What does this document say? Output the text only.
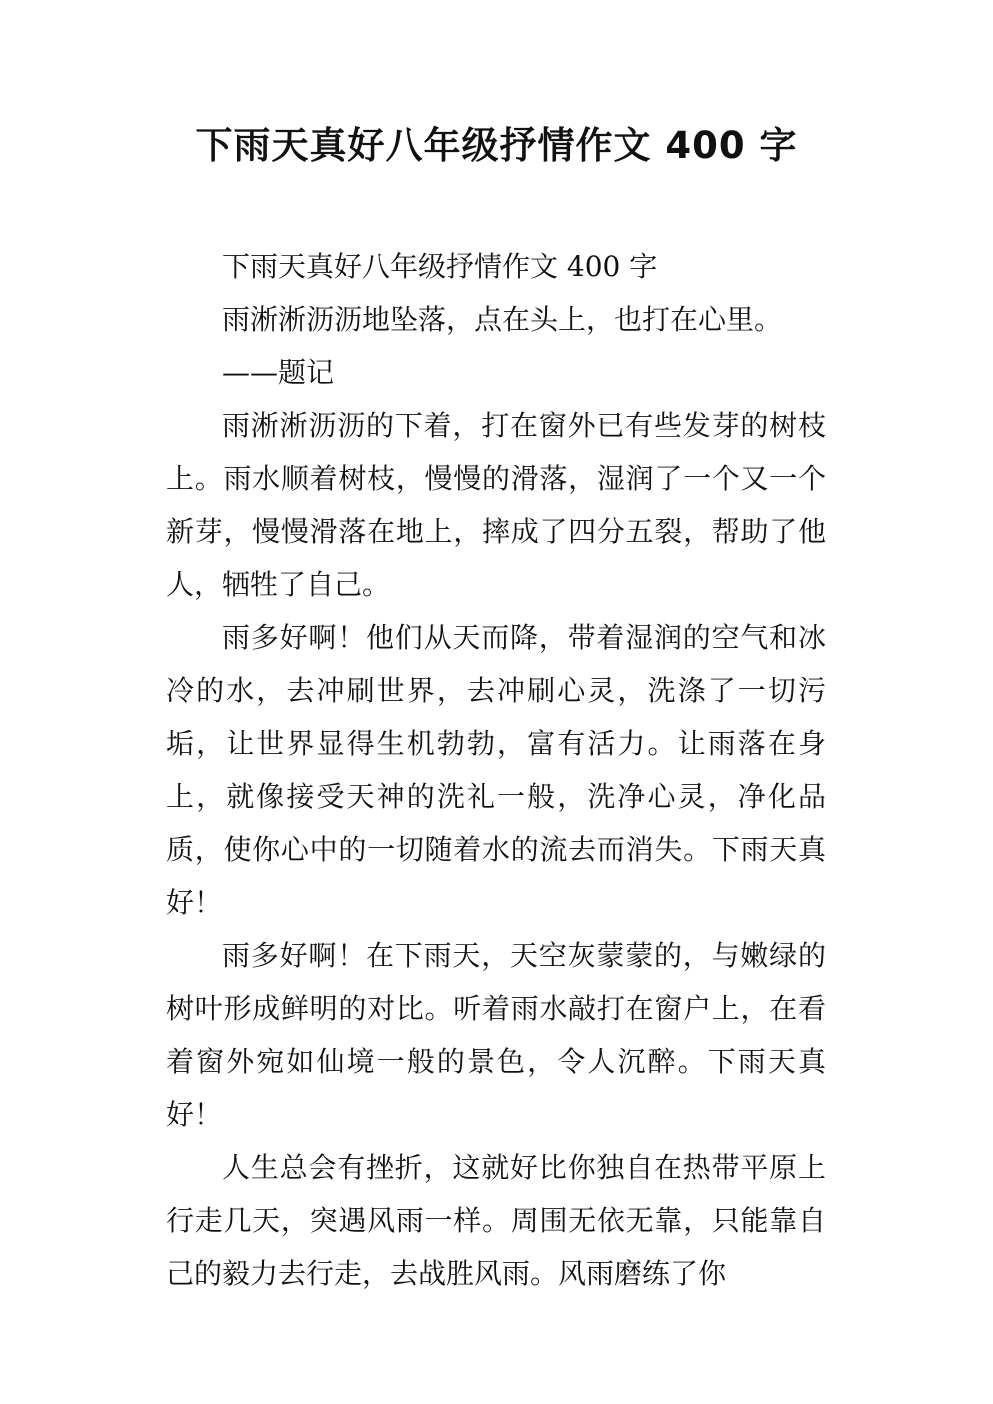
下雨天真好八年级抒情作文 400 字

下雨天真好八年级抒情作文 400 字

雨淅淅沥沥地坠落，点在头上，也打在心里。

——题记

雨淅淅沥沥的下着，打在窗外已有些发芽的树枝上。雨水顺着树枝，慢慢的滑落，湿润了一个又一个新芽，慢慢滑落在地上，摔成了四分五裂，帮助了他人，牺牲了自己。

雨多好啊！他们从天而降，带着湿润的空气和冰冷的水，去冲刷世界，去冲刷心灵，洗涤了一切污垢，让世界显得生机勃勃，富有活力。让雨落在身上，就像接受天神的洗礼一般，洗净心灵，净化品质，使你心中的一切随着水的流去而消失。下雨天真好！

雨多好啊！在下雨天，天空灰蒙蒙的，与嫩绿的树叶形成鲜明的对比。听着雨水敲打在窗户上，在看着窗外宛如仙境一般的景色，令人沉醉。下雨天真好！

人生总会有挫折，这就好比你独自在热带平原上行走几天，突遇风雨一样。周围无依无靠，只能靠自己的毅力去行走，去战胜风雨。风雨磨练了你
